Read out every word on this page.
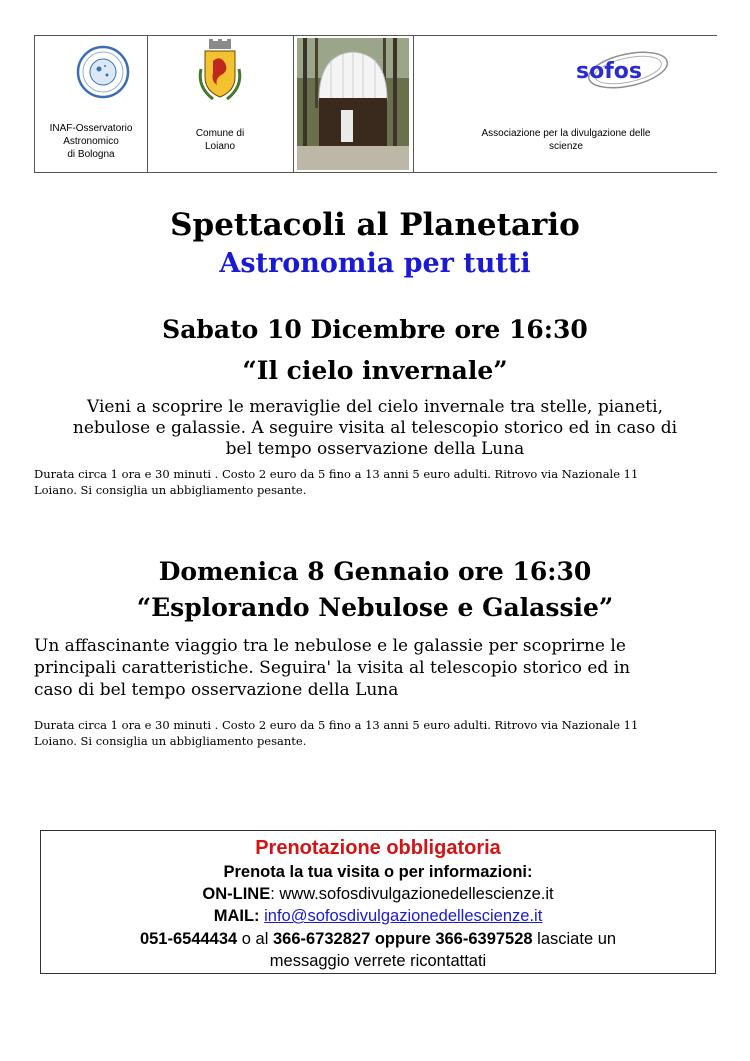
INAF-Osservatorio
Astronomico
di Bologna
Comune di
Loiano
sofos
Associazione per la divulgazione delle
scienze
Spettacoli al Planetario
Astronomia per tutti
Sabato 10 Dicembre ore 16:30
“Il cielo invernale”
Vieni a scoprire le meraviglie del cielo invernale tra stelle, pianeti,
nebulose e galassie. A seguire visita al telescopio storico ed in caso di
bel tempo osservazione della Luna
Durata circa 1 ora e 30 minuti . Costo 2 euro da 5 fino a 13 anni 5 euro adulti. Ritrovo via Nazionale 11
Loiano. Si consiglia un abbigliamento pesante.
Domenica 8 Gennaio ore 16:30
“Esplorando Nebulose e Galassie”
Un affascinante viaggio tra le nebulose e le galassie per scoprirne le
principali caratteristiche. Seguira' la visita al telescopio storico ed in
caso di bel tempo osservazione della Luna
Durata circa 1 ora e 30 minuti . Costo 2 euro da 5 fino a 13 anni 5 euro adulti. Ritrovo via Nazionale 11
Loiano. Si consiglia un abbigliamento pesante.
Prenotazione obbligatoria
Prenota la tua visita o per informazioni:
ON-LINE: www.sofosdivulgazionedellescienze.it
MAIL: info@sofosdivulgazionedellescienze.it
051-6544434 o al 366-6732827 oppure 366-6397528 lasciate un
messaggio verrete ricontattati
